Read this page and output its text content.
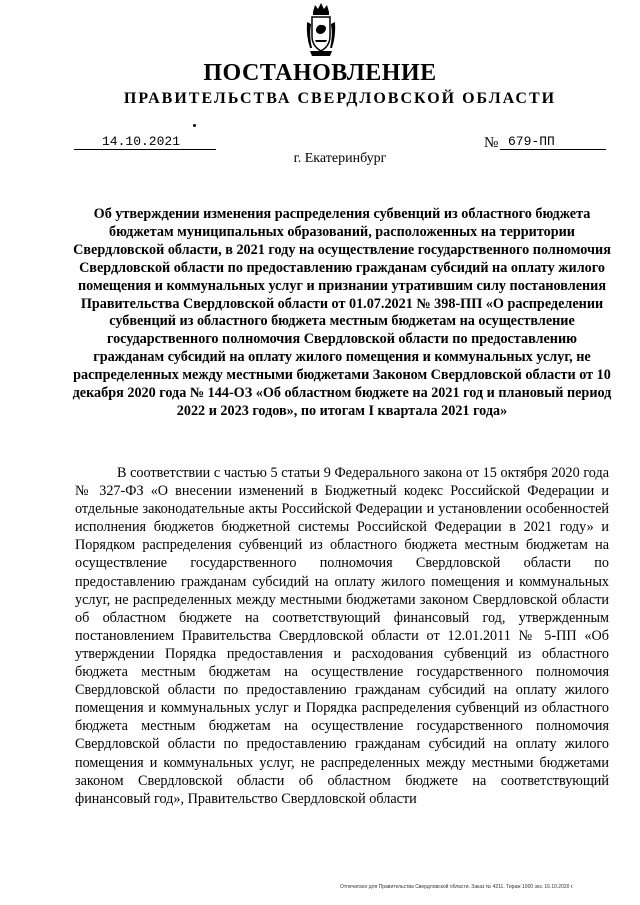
ПОСТАНОВЛЕНИЕ
ПРАВИТЕЛЬСТВА СВЕРДЛОВСКОЙ ОБЛАСТИ
14.10.2021	№ 679-ПП
г. Екатеринбург

Об утверждении изменения распределения субвенций из областного бюджета бюджетам муниципальных образований, расположенных на территории Свердловской области, в 2021 году на осуществление государственного полномочия Свердловской области по предоставлению гражданам субсидий на оплату жилого помещения и коммунальных услуг и признании утратившим силу постановления Правительства Свердловской области от 01.07.2021 № 398-ПП «О распределении субвенций из областного бюджета местным бюджетам на осуществление государственного полномочия Свердловской области по предоставлению гражданам субсидий на оплату жилого помещения и коммунальных услуг, не распределенных между местными бюджетами Законом Свердловской области от 10 декабря 2020 года № 144-ОЗ «Об областном бюджете на 2021 год и плановый период 2022 и 2023 годов», по итогам I квартала 2021 года»

В соответствии с частью 5 статьи 9 Федерального закона от 15 октября 2020 года № 327-ФЗ «О внесении изменений в Бюджетный кодекс Российской Федерации и отдельные законодательные акты Российской Федерации и установлении особенностей исполнения бюджетов бюджетной системы Российской Федерации в 2021 году» и Порядком распределения субвенций из областного бюджета местным бюджетам на осуществление государственного полномочия Свердловской области по предоставлению гражданам субсидий на оплату жилого помещения и коммунальных услуг, не распределенных между местными бюджетами законом Свердловской области об областном бюджете на соответствующий финансовый год, утвержденным постановлением Правительства Свердловской области от 12.01.2011 № 5-ПП «Об утверждении Порядка предоставления и расходования субвенций из областного бюджета местным бюджетам на осуществление государственного полномочия Свердловской области по предоставлению гражданам субсидий на оплату жилого помещения и коммунальных услуг и Порядка распределения субвенций из областного бюджета местным бюджетам на осуществление государственного полномочия Свердловской области по предоставлению гражданам субсидий на оплату жилого помещения и коммунальных услуг, не распределенных между местными бюджетами законом Свердловской области об областном бюджете на соответствующий финансовый год», Правительство Свердловской области

Отпечатано для Правительства Свердловской области. Заказ № 4211. Тираж 1000 экз. 16.10.2020 г.
